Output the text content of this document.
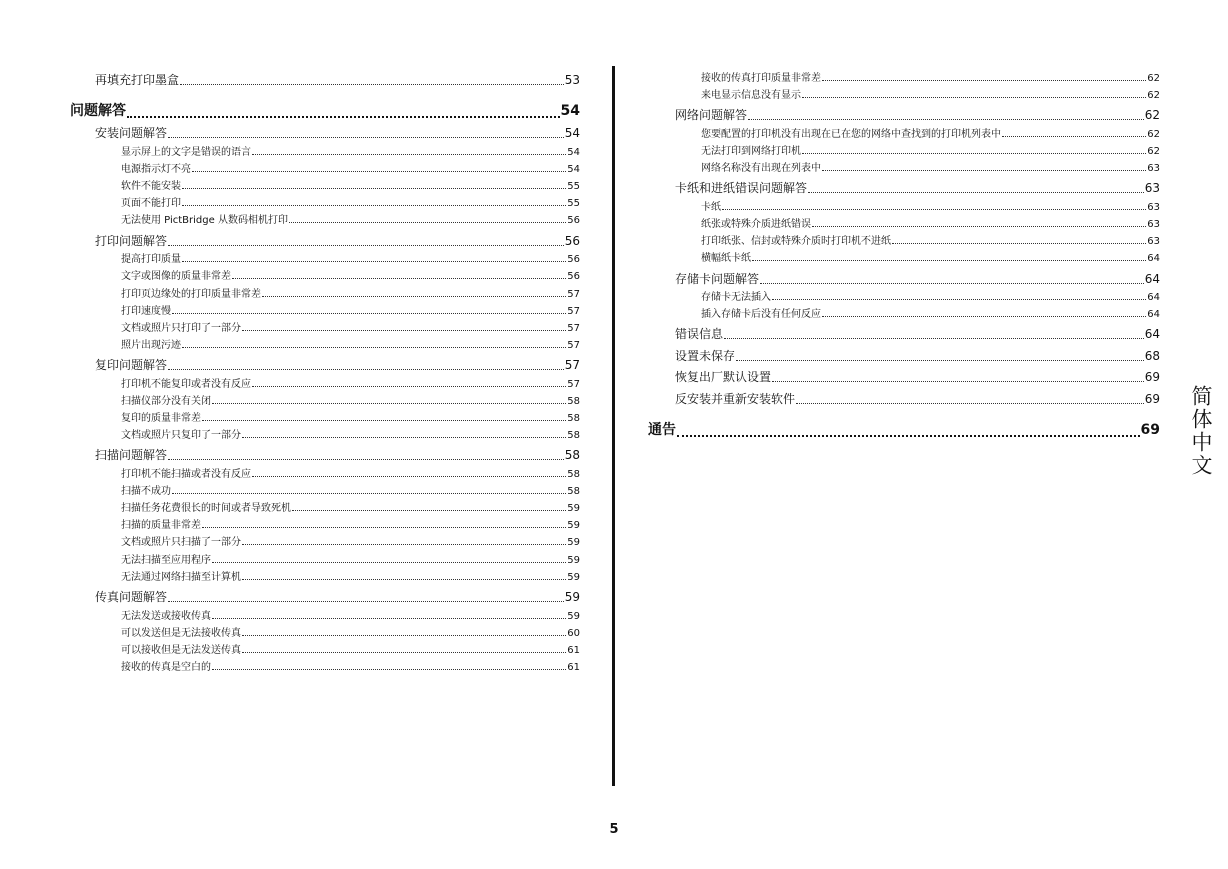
再填充打印墨盒	53
问题解答	54
安装问题解答	54
显示屏上的文字是错误的语言	54
电源指示灯不亮	54
软件不能安装	55
页面不能打印	55
无法使用 PictBridge 从数码相机打印	56
打印问题解答	56
提高打印质量	56
文字或图像的质量非常差	56
打印页边缘处的打印质量非常差	57
打印速度慢	57
文档或照片只打印了一部分	57
照片出现污迹	57
复印问题解答	57
打印机不能复印或者没有反应	57
扫描仪部分没有关闭	58
复印的质量非常差	58
文档或照片只复印了一部分	58
扫描问题解答	58
打印机不能扫描或者没有反应	58
扫描不成功	58
扫描任务花费很长的时间或者导致死机	59
扫描的质量非常差	59
文档或照片只扫描了一部分	59
无法扫描至应用程序	59
无法通过网络扫描至计算机	59
传真问题解答	59
无法发送或接收传真	59
可以发送但是无法接收传真	60
可以接收但是无法发送传真	61
接收的传真是空白的	61
接收的传真打印质量非常差	62
来电显示信息没有显示	62
网络问题解答	62
您要配置的打印机没有出现在已在您的网络中查找到的打印机列表中	62
无法打印到网络打印机	62
网络名称没有出现在列表中	63
卡纸和进纸错误问题解答	63
卡纸	63
纸张或特殊介质进纸错误	63
打印纸张、信封或特殊介质时打印机不进纸	63
横幅纸卡纸	64
存储卡问题解答	64
存储卡无法插入	64
插入存储卡后没有任何反应	64
错误信息	64
设置未保存	68
恢复出厂默认设置	69
反安装并重新安装软件	69
通告	69
5
简体中文
